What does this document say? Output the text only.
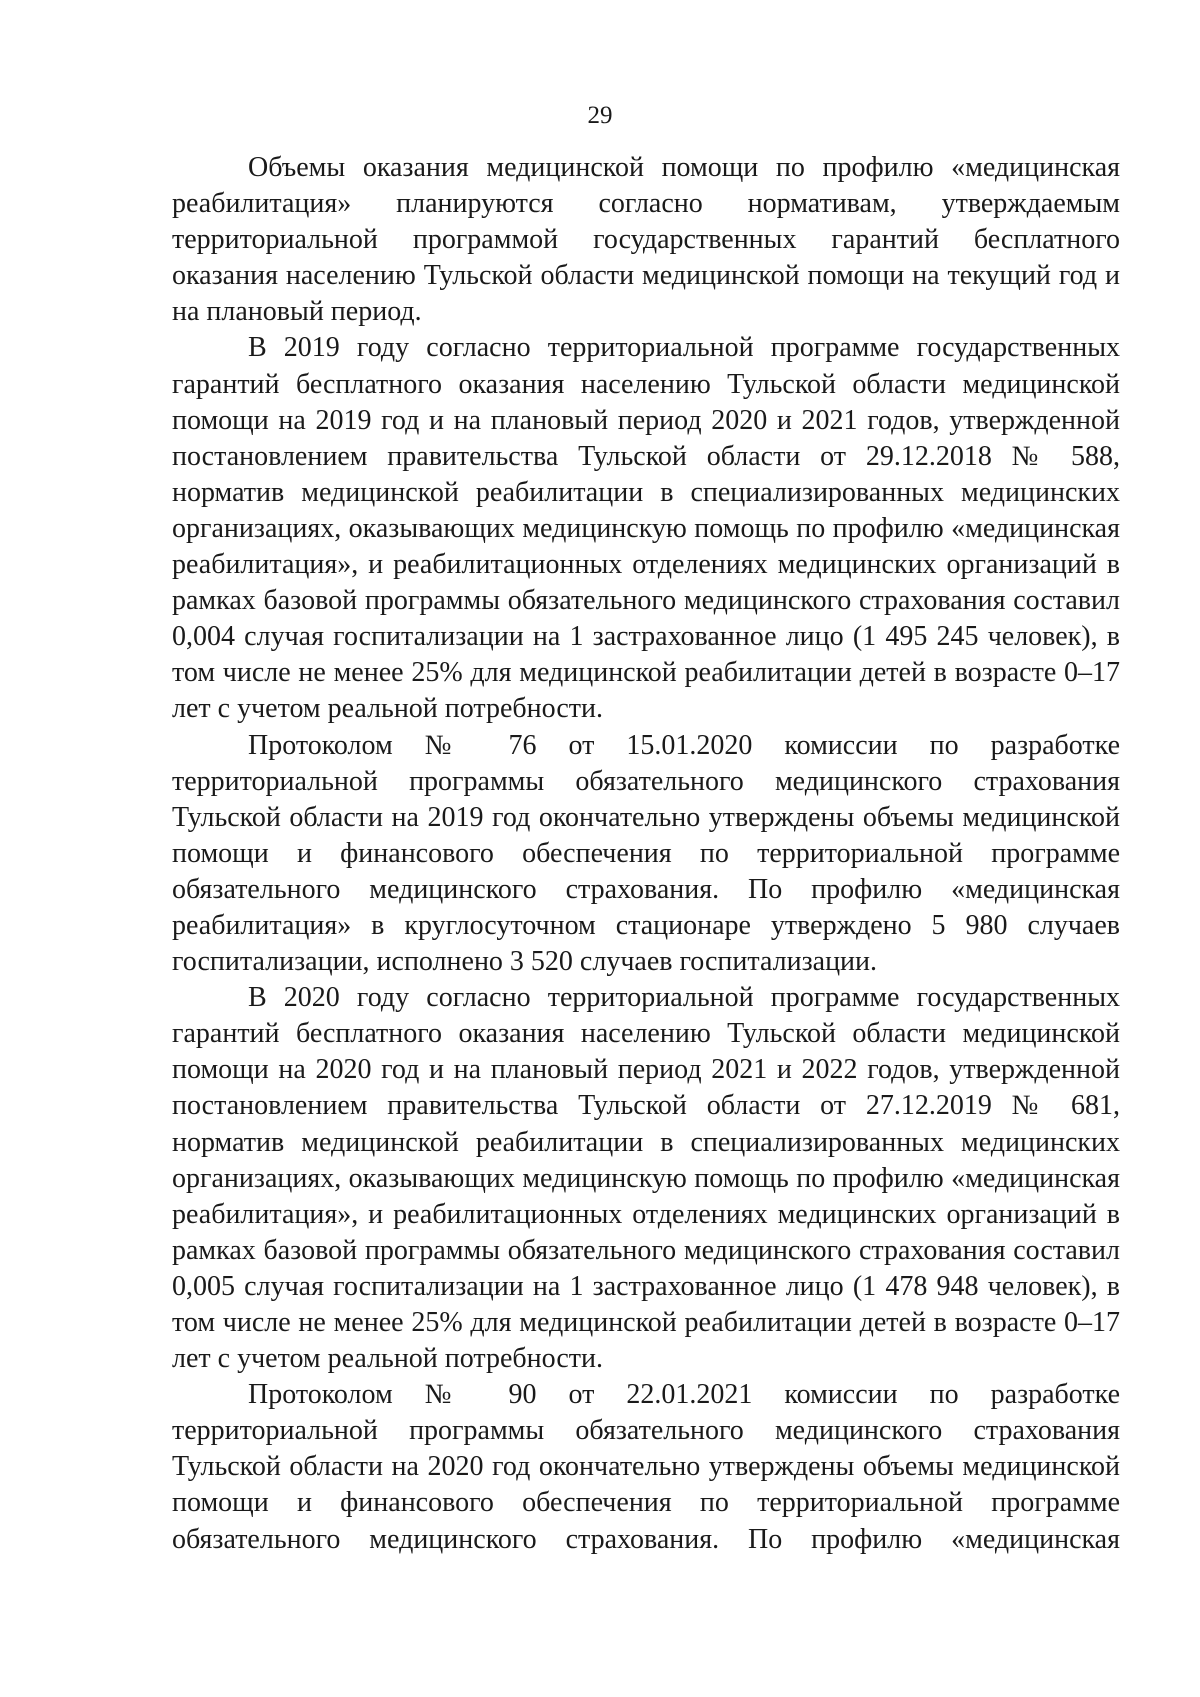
29

Объемы оказания медицинской помощи по профилю «медицинская реабилитация» планируются согласно нормативам, утверждаемым территориальной программой государственных гарантий бесплатного оказания населению Тульской области медицинской помощи на текущий год и на плановый период.

В 2019 году согласно территориальной программе государственных гарантий бесплатного оказания населению Тульской области медицинской помощи на 2019 год и на плановый период 2020 и 2021 годов, утвержденной постановлением правительства Тульской области от 29.12.2018 № 588, норматив медицинской реабилитации в специализированных медицинских организациях, оказывающих медицинскую помощь по профилю «медицинская реабилитация», и реабилитационных отделениях медицинских организаций в рамках базовой программы обязательного медицинского страхования составил 0,004 случая госпитализации на 1 застрахованное лицо (1 495 245 человек), в том числе не менее 25% для медицинской реабилитации детей в возрасте 0–17 лет с учетом реальной потребности.

Протоколом № 76 от 15.01.2020 комиссии по разработке территориальной программы обязательного медицинского страхования Тульской области на 2019 год окончательно утверждены объемы медицинской помощи и финансового обеспечения по территориальной программе обязательного медицинского страхования. По профилю «медицинская реабилитация» в круглосуточном стационаре утверждено 5 980 случаев госпитализации, исполнено 3 520 случаев госпитализации.

В 2020 году согласно территориальной программе государственных гарантий бесплатного оказания населению Тульской области медицинской помощи на 2020 год и на плановый период 2021 и 2022 годов, утвержденной постановлением правительства Тульской области от 27.12.2019 № 681, норматив медицинской реабилитации в специализированных медицинских организациях, оказывающих медицинскую помощь по профилю «медицинская реабилитация», и реабилитационных отделениях медицинских организаций в рамках базовой программы обязательного медицинского страхования составил 0,005 случая госпитализации на 1 застрахованное лицо (1 478 948 человек), в том числе не менее 25% для медицинской реабилитации детей в возрасте 0–17 лет с учетом реальной потребности.

Протоколом № 90 от 22.01.2021 комиссии по разработке территориальной программы обязательного медицинского страхования Тульской области на 2020 год окончательно утверждены объемы медицинской помощи и финансового обеспечения по территориальной программе обязательного медицинского страхования. По профилю «медицинская
